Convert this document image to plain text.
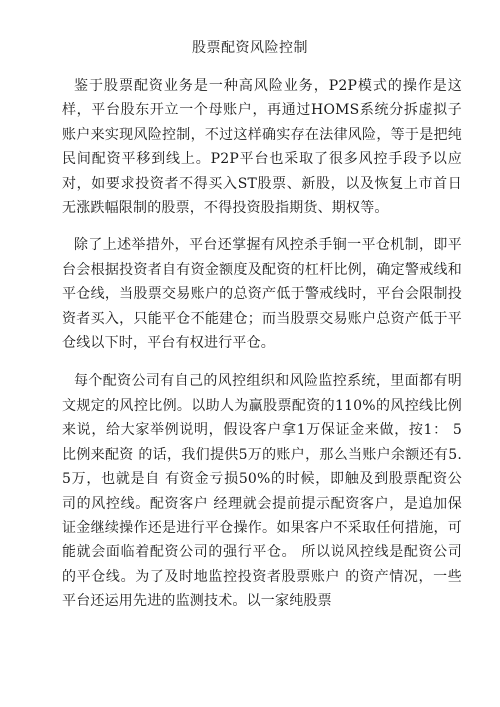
股票配资风险控制

鉴于股票配资业务是一种高风险业务，P2P模式的操作是这样，平台股东开立一个母账户，再通过HOMS系统分拆虚拟子账户来实现风险控制，不过这样确实存在法律风险，等于是把纯民间配资平移到线上。P2P平台也采取了很多风控手段予以应对，如要求投资者不得买入ST股票、新股，以及恢复上市首日无涨跌幅限制的股票，不得投资股指期货、期权等。

除了上述举措外，平台还掌握有风控杀手锏一平仓机制，即平台会根据投资者自有资金额度及配资的杠杆比例，确定警戒线和平仓线，当股票交易账户的总资产低于警戒线时，平台会限制投资者买入，只能平仓不能建仓；而当股票交易账户总资产低于平仓线以下时，平台有权进行平仓。

每个配资公司有自己的风控组织和风险监控系统，里面都有明文规定的风控比例。以助人为赢股票配资的110%的风控线比例来说，给大家举例说明，假设客户拿1万保证金来做，按1： 5比例来配资 的话，我们提供5万的账户，那么当账户余额还有5.5万，也就是自 有资金亏损50%的时候，即触及到股票配资公司的风控线。配资客户 经理就会提前提示配资客户，是追加保证金继续操作还是进行平仓操作。如果客户不采取任何措施，可能就会面临着配资公司的强行平仓。 所以说风控线是配资公司的平仓线。为了及时地监控投资者股票账户 的资产情况，一些平台还运用先进的监测技术。以一家纯股票
